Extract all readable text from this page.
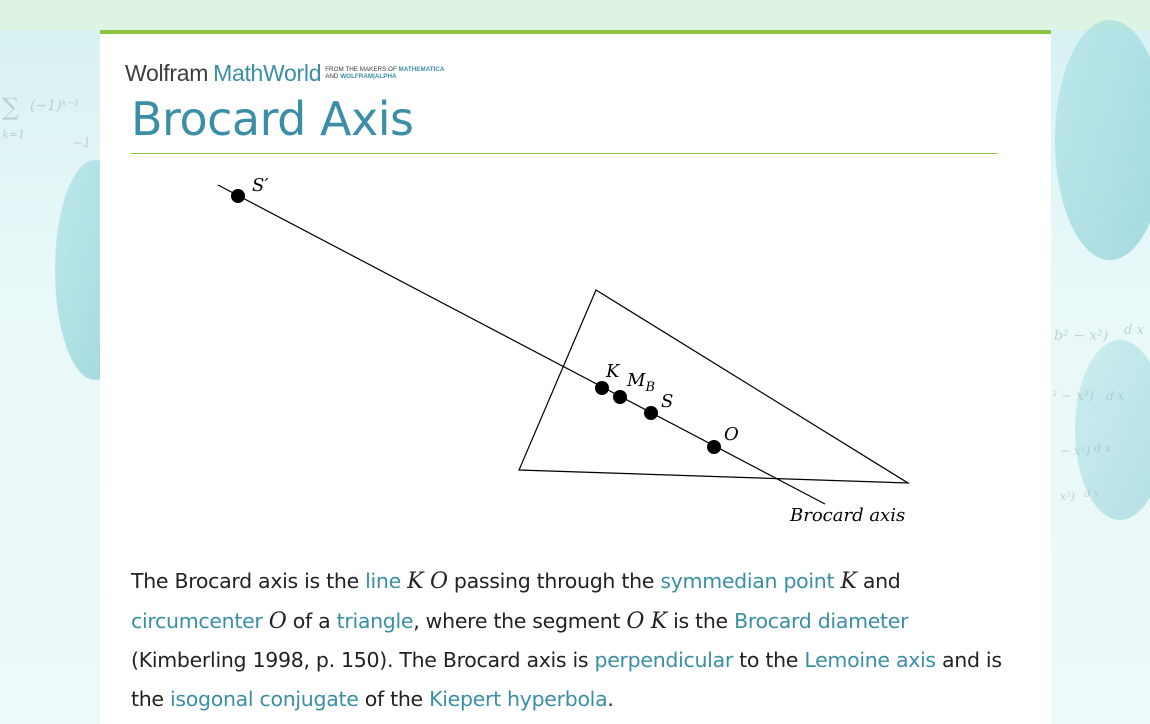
∑ (−1)ᵏ⁻¹
k=1
−1
b² − x²) d x
² − x²) d x
− x²) d x
x²) d x
Wolfram MathWorld FROM THE MAKERS OF MATHEMATICA
AND WOLFRAM|ALPHA
Brocard Axis
S′
K $M_B$
S
O
Brocard axis

The Brocard axis is the line K O passing through the symmedian point K and circumcenter O of a triangle, where the segment O K is the Brocard diameter (Kimberling 1998, p. 150). The Brocard axis is perpendicular to the Lemoine axis and is the isogonal conjugate of the Kiepert hyperbola.
